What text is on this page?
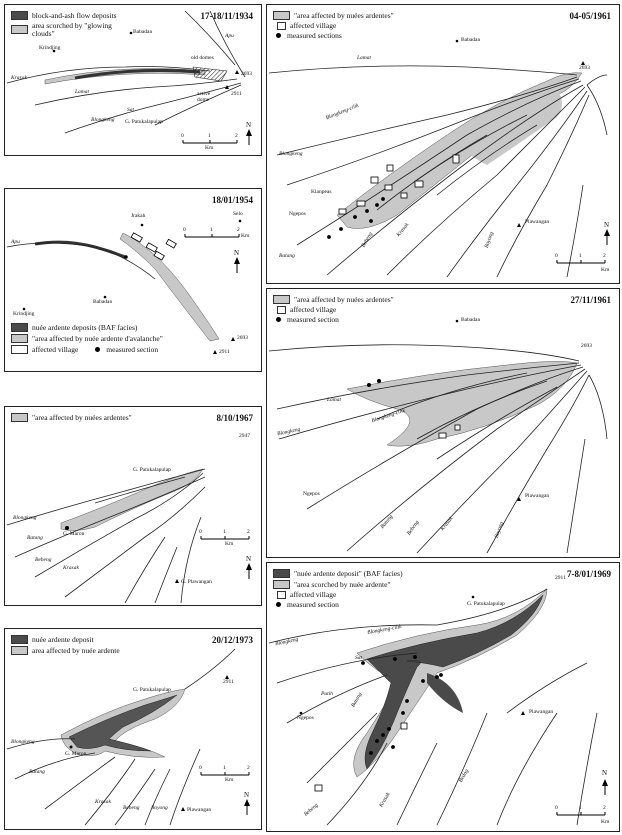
17-18/11/1934
block-and-ash flow deposits
area scorched by "glowing clouds"	Babadan
Krindjing
old domes
active dome
2693
2911
Krasak
Lamat
Blongkeng
Sat
G. Patukalapulap
Apu
0	1	2
Km
N
18/01/1954
Jrakah	Selo
Babadan
Krindjing
Apu
2693
2911
0	1	2
Km
N
nuée ardente deposits (BAF facies)
"area affected by nuée ardente d'avalanche"
affected village	measured section
8/10/1967
"area affected by nuées ardentes"
2947
G. Patukalapulap
Blongkeng
Batang
G. Maron
Bebeng
Krasak
G. Plawangan
0	1	2
Km
N
20/12/1973
nuée ardente deposit
area affected by nuée ardente
2911
G. Patukalapulap
Blongkeng
Batang
G. Maron
Krasak
Bebeng Boyong	Plawangan
0	1	2
Km
N
04-05/1961
"area affected by nuées ardentes"
affected village
measured sections	Babadan
2693
Lamat
Blongkeng-cilik
Blongkeng
Klanpeas
Ngepos
Batang
Bebeng
Krasak
Boyong
Plawangan
0	1	2
Km
N
27/11/1961
"area affected by nuées ardentes"
affected village
measured section	Babadan
2693
Lamat
Blongkeng-cilik
Blongkeng
Ngepos
Batang Bebeng	Krasak	Boyong
Plawangan
7-8/01/1969
2911
"nuée ardente deposit" (BAF facies)
"area scorched by nuée ardente"
affected village
measured section	G. Patukalapulap
Blongkeng-cilik
Blongkeng
Sat
Putih
Ngepos
Batang
Bebeng
Krasak
Bedog
Plawangan
0	1	2
Km
N
